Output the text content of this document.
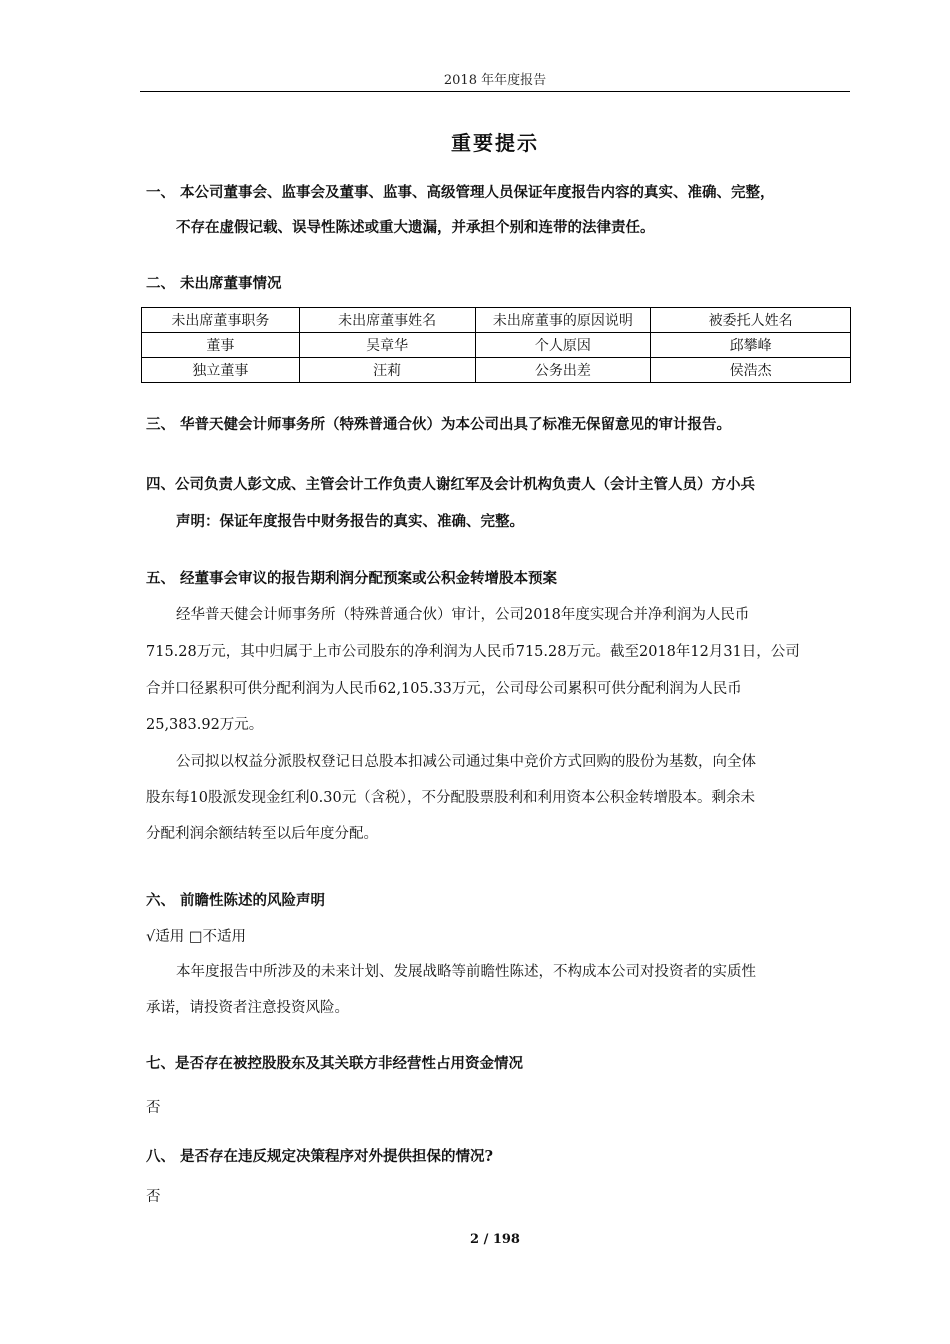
2018 年年度报告
重要提示
一、 本公司董事会、监事会及董事、监事、高级管理人员保证年度报告内容的真实、准确、完整，
不存在虚假记载、误导性陈述或重大遗漏，并承担个别和连带的法律责任。
二、 未出席董事情况
未出席董事职务	未出席董事姓名	未出席董事的原因说明	被委托人姓名
董事	吴章华	个人原因	邱攀峰
独立董事	汪莉	公务出差	侯浩杰
三、 华普天健会计师事务所（特殊普通合伙）为本公司出具了标准无保留意见的审计报告。
四、公司负责人彭文成、主管会计工作负责人谢红军及会计机构负责人（会计主管人员）方小兵
声明：保证年度报告中财务报告的真实、准确、完整。
五、 经董事会审议的报告期利润分配预案或公积金转增股本预案
经华普天健会计师事务所（特殊普通合伙）审计，公司2018年度实现合并净利润为人民币
715.28万元，其中归属于上市公司股东的净利润为人民币715.28万元。截至2018年12月31日，公司
合并口径累积可供分配利润为人民币62,105.33万元，公司母公司累积可供分配利润为人民币
25,383.92万元。
公司拟以权益分派股权登记日总股本扣减公司通过集中竞价方式回购的股份为基数，向全体
股东每10股派发现金红利0.30元（含税），不分配股票股利和利用资本公积金转增股本。剩余未
分配利润余额结转至以后年度分配。
六、 前瞻性陈述的风险声明
√适用 □不适用
本年度报告中所涉及的未来计划、发展战略等前瞻性陈述，不构成本公司对投资者的实质性
承诺，请投资者注意投资风险。
七、是否存在被控股股东及其关联方非经营性占用资金情况
否
八、 是否存在违反规定决策程序对外提供担保的情况?
否
2 / 198
